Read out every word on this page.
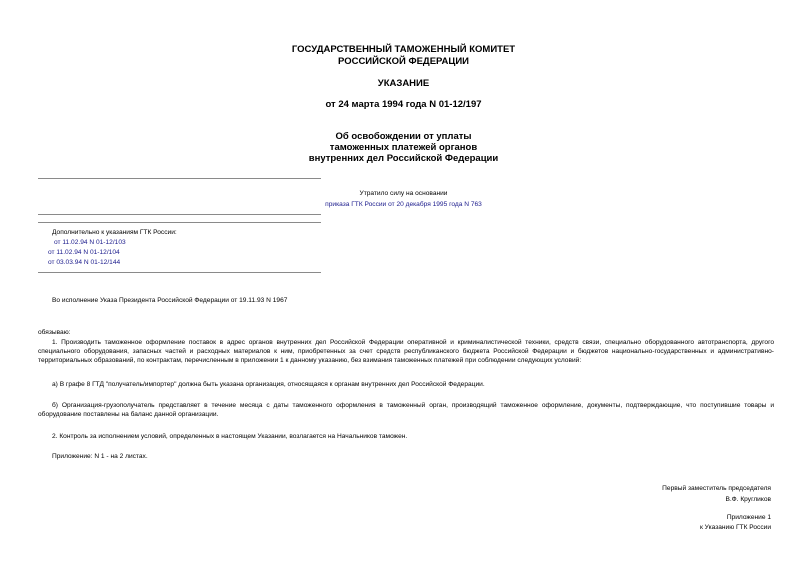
ГОСУДАРСТВЕННЫЙ ТАМОЖЕННЫЙ КОМИТЕТ
РОССИЙСКОЙ ФЕДЕРАЦИИ
УКАЗАНИЕ
от 24 марта 1994 года N 01-12/197
Об освобождении от уплаты
таможенных платежей органов
внутренних дел Российской Федерации
Утратило силу на основании
приказа ГТК России от 20 декабря 1995 года N 763
Дополнительно к указаниям ГТК России:
от 11.02.94 N 01-12/103
от 11.02.94 N 01-12/104
от 03.03.94 N 01-12/144
Во исполнение Указа Президента Российской Федерации от 19.11.93 N 1967
обязываю:
1. Производить таможенное оформление поставок в адрес органов внутренних дел Российской Федерации оперативной и криминалистической техники, средств связи, специально оборудованного автотранспорта, другого специального оборудования, запасных частей и расходных материалов к ним, приобретенных за счет средств республиканского бюджета Российской Федерации и бюджетов национально-государственных и административно-территориальных образований, по контрактам, перечисленным в приложении 1 к данному указанию, без взимания таможенных платежей при соблюдении следующих условий:
а) В графе 8 ГТД "получатель/импортер" должна быть указана организация, относящаяся к органам внутренних дел Российской Федерации.
б) Организация-грузополучатель представляет в течение месяца с даты таможенного оформления в таможенный орган, производящий таможенное оформление, документы, подтверждающие, что поступившие товары и оборудование поставлены на баланс данной организации.
2. Контроль за исполнением условий, определенных в настоящем Указании, возлагается на Начальников таможен.
Приложение: N 1 - на 2 листах.
Первый заместитель председателя
В.Ф. Кругликов
Приложение 1
к Указанию ГТК России
